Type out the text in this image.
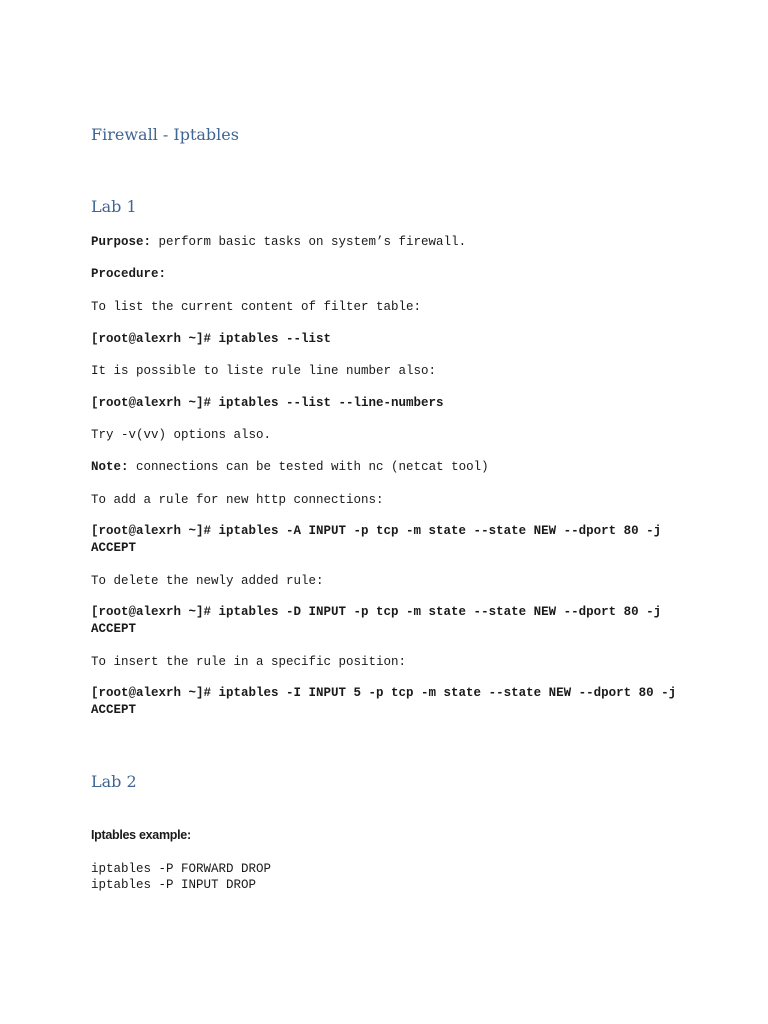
Firewall - Iptables
Lab 1

Purpose: perform basic tasks on system’s firewall.

Procedure:

To list the current content of filter table:

[root@alexrh ~]# iptables --list

It is possible to liste rule line number also:

[root@alexrh ~]# iptables --list --line-numbers

Try -v(vv) options also.

Note: connections can be tested with nc (netcat tool)

To add a rule for new http connections:

[root@alexrh ~]# iptables -A INPUT -p tcp -m state --state NEW --dport 80 -j ACCEPT

To delete the newly added rule:

[root@alexrh ~]# iptables -D INPUT -p tcp -m state --state NEW --dport 80 -j ACCEPT

To insert the rule in a specific position:

[root@alexrh ~]# iptables -I INPUT 5 -p tcp -m state --state NEW --dport 80 -j ACCEPT

Lab 2

Iptables example:

iptables -P FORWARD DROP
iptables -P INPUT DROP
